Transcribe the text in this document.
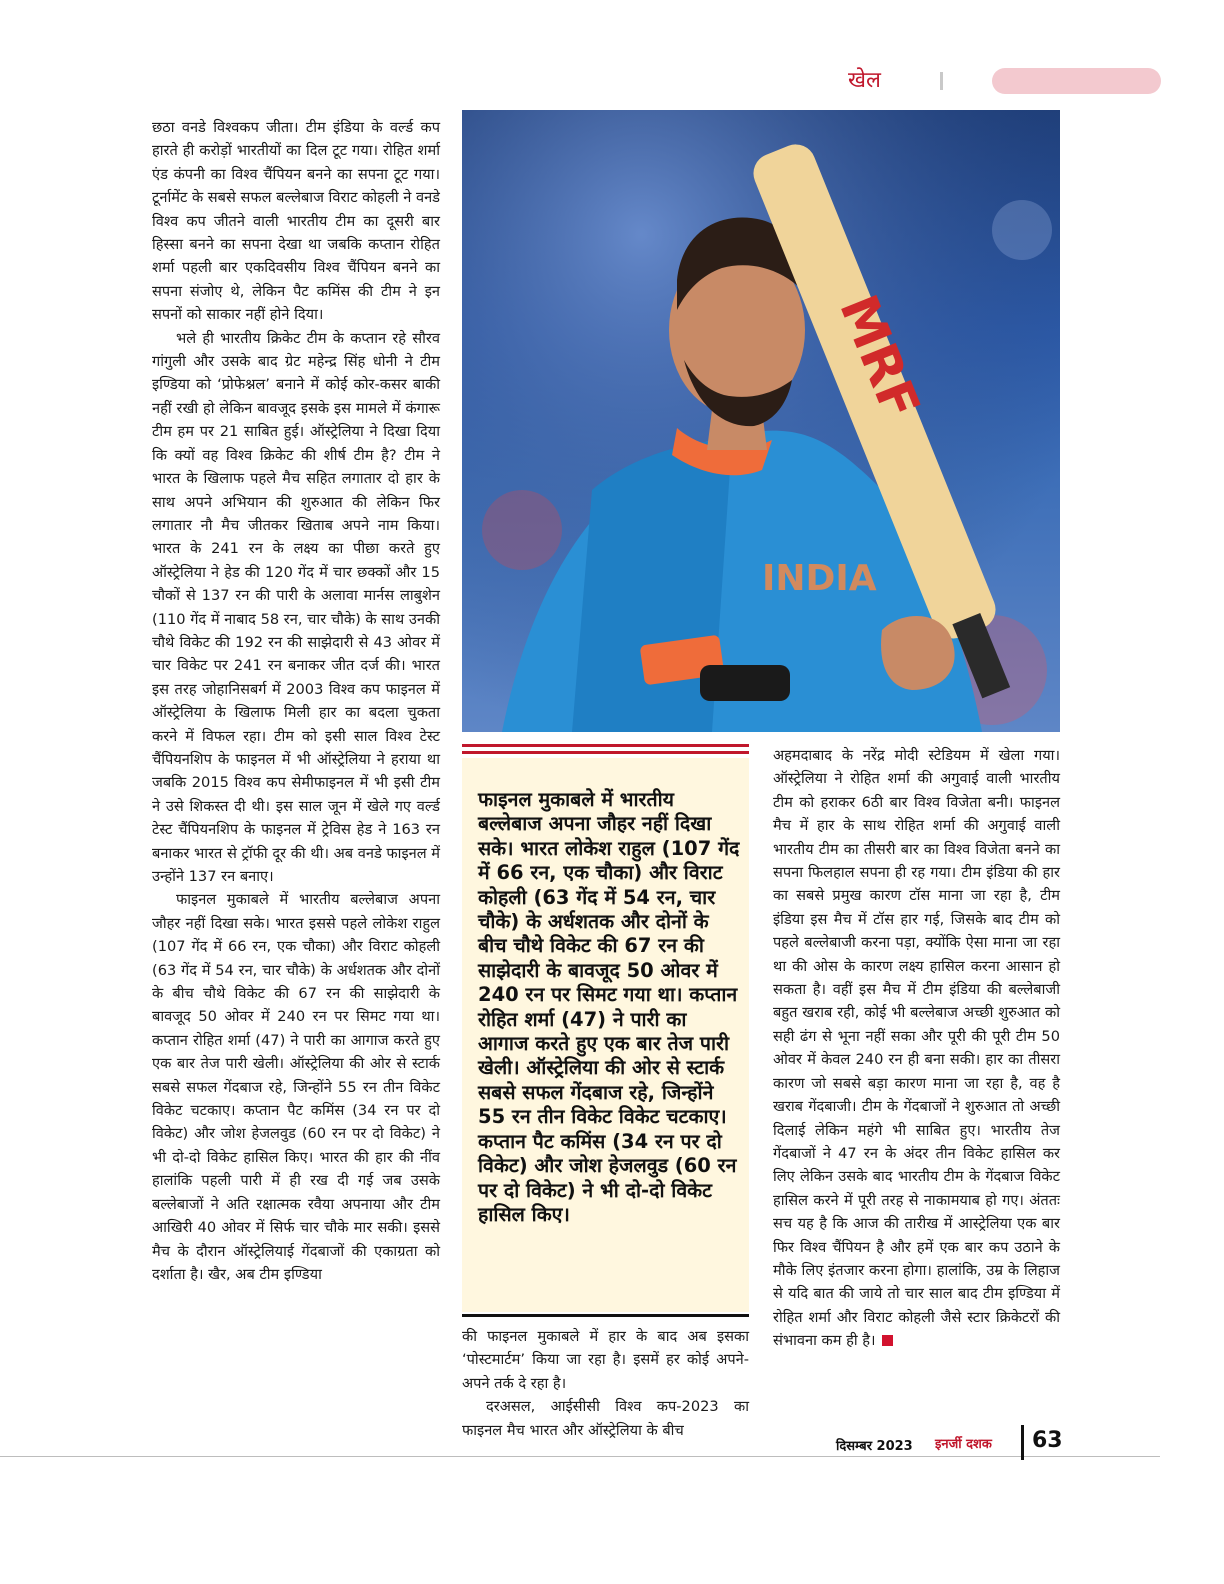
खेल

छठा वनडे विश्वकप जीता। टीम इंडिया के वर्ल्ड कप हारते ही करोड़ों भारतीयों का दिल टूट गया। रोहित शर्मा एंड कंपनी का विश्व चैंपियन बनने का सपना टूट गया। टूर्नामेंट के सबसे सफल बल्लेबाज विराट कोहली ने वनडे विश्व कप जीतने वाली भारतीय टीम का दूसरी बार हिस्सा बनने का सपना देखा था जबकि कप्तान रोहित शर्मा पहली बार एकदिवसीय विश्व चैंपियन बनने का सपना संजोए थे, लेकिन पैट कमिंस की टीम ने इन सपनों को साकार नहीं होने दिया।

भले ही भारतीय क्रिकेट टीम के कप्तान रहे सौरव गांगुली और उसके बाद ग्रेट महेन्द्र सिंह धोनी ने टीम इण्डिया को ‘प्रोफेश्नल’ बनाने में कोई कोर-कसर बाकी नहीं रखी हो लेकिन बावजूद इसके इस मामले में कंगारू टीम हम पर 21 साबित हुई। ऑस्ट्रेलिया ने दिखा दिया कि क्यों वह विश्व क्रिकेट की शीर्ष टीम है? टीम ने भारत के खिलाफ पहले मैच सहित लगातार दो हार के साथ अपने अभियान की शुरुआत की लेकिन फिर लगातार नौ मैच जीतकर खिताब अपने नाम किया। भारत के 241 रन के लक्ष्य का पीछा करते हुए ऑस्ट्रेलिया ने हेड की 120 गेंद में चार छक्कों और 15 चौकों से 137 रन की पारी के अलावा मार्नस लाबुशेन (110 गेंद में नाबाद 58 रन, चार चौके) के साथ उनकी चौथे विकेट की 192 रन की साझेदारी से 43 ओवर में चार विकेट पर 241 रन बनाकर जीत दर्ज की। भारत इस तरह जोहानिसबर्ग में 2003 विश्व कप फाइनल में ऑस्ट्रेलिया के खिलाफ मिली हार का बदला चुकता करने में विफल रहा। टीम को इसी साल विश्व टेस्ट चैंपियनशिप के फाइनल में भी ऑस्ट्रेलिया ने हराया था जबकि 2015 विश्व कप सेमीफाइनल में भी इसी टीम ने उसे शिकस्त दी थी। इस साल जून में खेले गए वर्ल्ड टेस्ट चैंपियनशिप के फाइनल में ट्रेविस हेड ने 163 रन बनाकर भारत से ट्रॉफी दूर की थी। अब वनडे फाइनल में उन्होंने 137 रन बनाए।

फाइनल मुकाबले में भारतीय बल्लेबाज अपना जौहर नहीं दिखा सके। भारत इससे पहले लोकेश राहुल (107 गेंद में 66 रन, एक चौका) और विराट कोहली (63 गेंद में 54 रन, चार चौके) के अर्धशतक और दोनों के बीच चौथे विकेट की 67 रन की साझेदारी के बावजूद 50 ओवर में 240 रन पर सिमट गया था। कप्तान रोहित शर्मा (47) ने पारी का आगाज करते हुए एक बार तेज पारी खेली। ऑस्ट्रेलिया की ओर से स्टार्क सबसे सफल गेंदबाज रहे, जिन्होंने 55 रन तीन विकेट विकेट चटकाए। कप्तान पैट कमिंस (34 रन पर दो विकेट) और जोश हेजलवुड (60 रन पर दो विकेट) ने भी दो-दो विकेट हासिल किए। भारत की हार की नींव हालांकि पहली पारी में ही रख दी गई जब उसके बल्लेबाजों ने अति रक्षात्मक रवैया अपनाया और टीम आखिरी 40 ओवर में सिर्फ चार चौके मार सकी। इससे मैच के दौरान ऑस्ट्रेलियाई गेंदबाजों की एकाग्रता को दर्शाता है। खैर, अब टीम इण्डिया

MRF
INDIA
फाइनल मुकाबले में भारतीय बल्लेबाज अपना जौहर नहीं दिखा सके। भारत लोकेश राहुल (107 गेंद में 66 रन, एक चौका) और विराट कोहली (63 गेंद में 54 रन, चार चौके) के अर्धशतक और दोनों के बीच चौथे विकेट की 67 रन की साझेदारी के बावजूद 50 ओवर में 240 रन पर सिमट गया था। कप्तान रोहित शर्मा (47) ने पारी का आगाज करते हुए एक बार तेज पारी खेली। ऑस्ट्रेलिया की ओर से स्टार्क सबसे सफल गेंदबाज रहे, जिन्होंने 55 रन तीन विकेट विकेट चटकाए। कप्तान पैट कमिंस (34 रन पर दो विकेट) और जोश हेजलवुड (60 रन पर दो विकेट) ने भी दो-दो विकेट हासिल किए।

की फाइनल मुकाबले में हार के बाद अब इसका ‘पोस्टमार्टम’ किया जा रहा है। इसमें हर कोई अपने-अपने तर्क दे रहा है।

दरअसल, आईसीसी विश्व कप-2023 का फाइनल मैच भारत और ऑस्ट्रेलिया के बीच

अहमदाबाद के नरेंद्र मोदी स्टेडियम में खेला गया। ऑस्ट्रेलिया ने रोहित शर्मा की अगुवाई वाली भारतीय टीम को हराकर 6ठी बार विश्व विजेता बनी। फाइनल मैच में हार के साथ रोहित शर्मा की अगुवाई वाली भारतीय टीम का तीसरी बार का विश्व विजेता बनने का सपना फिलहाल सपना ही रह गया। टीम इंडिया की हार का सबसे प्रमुख कारण टॉस माना जा रहा है, टीम इंडिया इस मैच में टॉस हार गई, जिसके बाद टीम को पहले बल्लेबाजी करना पड़ा, क्योंकि ऐसा माना जा रहा था की ओस के कारण लक्ष्य हासिल करना आसान हो सकता है। वहीं इस मैच में टीम इंडिया की बल्लेबाजी बहुत खराब रही, कोई भी बल्लेबाज अच्छी शुरुआत को सही ढंग से भूना नहीं सका और पूरी की पूरी टीम 50 ओवर में केवल 240 रन ही बना सकी। हार का तीसरा कारण जो सबसे बड़ा कारण माना जा रहा है, वह है खराब गेंदबाजी। टीम के गेंदबाजों ने शुरुआत तो अच्छी दिलाई लेकिन महंगे भी साबित हुए। भारतीय तेज गेंदबाजों ने 47 रन के अंदर तीन विकेट हासिल कर लिए लेकिन उसके बाद भारतीय टीम के गेंदबाज विकेट हासिल करने में पूरी तरह से नाकामयाब हो गए। अंततः सच यह है कि आज की तारीख में आस्ट्रेलिया एक बार फिर विश्व चैंपियन है और हमें एक बार कप उठाने के मौके लिए इंतजार करना होगा। हालांकि, उम्र के लिहाज से यदि बात की जाये तो चार साल बाद टीम इण्डिया में रोहित शर्मा और विराट कोहली जैसे स्टार क्रिकेटरों की संभावना कम ही है।

दिसम्बर 2023 इनर्जी दशक 63
